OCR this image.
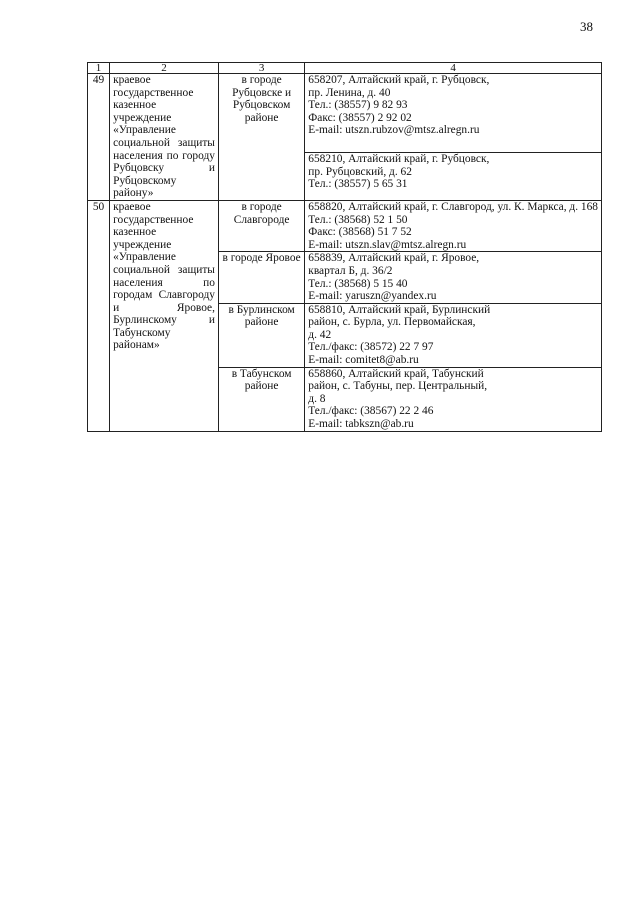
38
1	2	3	4
49	краевое государственное казенное учреждение «Управление социальной защиты населения по городу Рубцовску и Рубцовскому району»	в городе Рубцовске и Рубцовском районе	658207, Алтайский край, г. Рубцовск,
пр. Ленина, д. 40
Тел.: (38557) 9 82 93
Факс: (38557) 2 92 02
E-mail: utszn.rubzov@mtsz.alregn.ru

			658210, Алтайский край, г. Рубцовск,
пр. Рубцовский, д. 62
Тел.: (38557) 5 65 31

50	краевое государственное казенное учреждение «Управление социальной защиты населения по городам Славгороду и Яровое, Бурлинскому и Табунскому районам»	в городе Славгороде	658820, Алтайский край, г. Славгород, ул. К. Маркса, д. 168
Тел.: (38568) 52 1 50
Факс: (38568) 51 7 52
E-mail: utszn.slav@mtsz.alregn.ru

		в городе Яровое	658839, Алтайский край, г. Яровое,
квартал Б, д. 36/2
Тел.: (38568) 5 15 40
E-mail: yaruszn@yandex.ru

		в Бурлинском районе	658810, Алтайский край, Бурлинский
район, с. Бурла, ул. Первомайская,
д. 42
Тел./факс: (38572) 22 7 97
E-mail: comitet8@ab.ru

		в Табунском районе	658860, Алтайский край, Табунский
район, с. Табуны, пер. Центральный,
д. 8
Тел./факс: (38567) 22 2 46
E-mail: tabkszn@ab.ru
